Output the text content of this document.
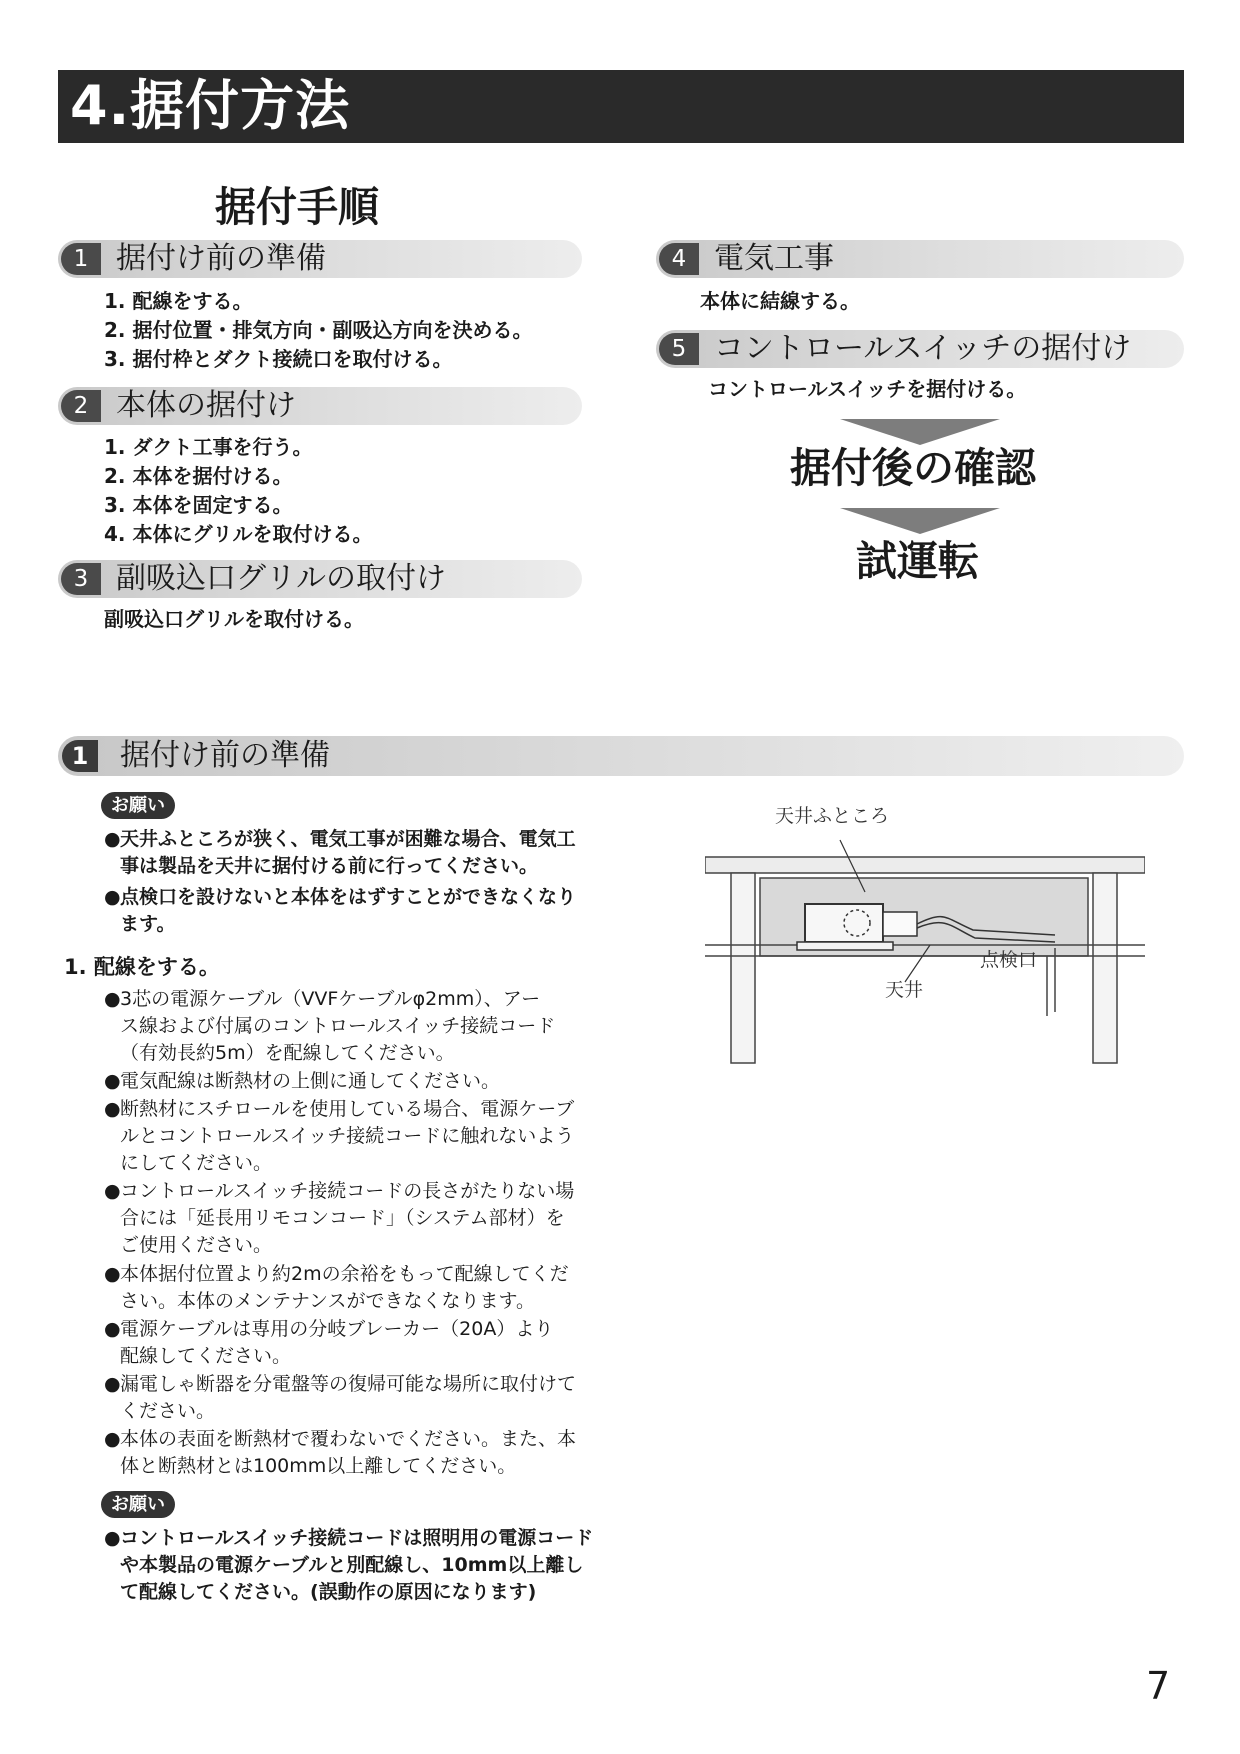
4.据付方法
据付手順
1 据付け前の準備
1. 配線をする。
2. 据付位置・排気方向・副吸込方向を決める。
3. 据付枠とダクト接続口を取付ける。
2 本体の据付け
1. ダクト工事を行う。
2. 本体を据付ける。
3. 本体を固定する。
4. 本体にグリルを取付ける。
3 副吸込口グリルの取付け
副吸込口グリルを取付ける。
4 電気工事
本体に結線する。
5 コントロールスイッチの据付け
コントロールスイッチを据付ける。
据付後の確認
試運転
1	据付け前の準備
お願い
● 天井ふところが狭く、電気工事が困難な場合、電気工
事は製品を天井に据付ける前に行ってください。
● 点検口を設けないと本体をはずすことができなくなり
ます。
1. 配線をする。
● 3芯の電源ケーブル（VVFケーブルφ2mm）、アー
ス線および付属のコントロールスイッチ接続コード
（有効長約5m）を配線してください。
● 電気配線は断熱材の上側に通してください。
● 断熱材にスチロールを使用している場合、電源ケーブ
ルとコントロールスイッチ接続コードに触れないよう
にしてください。
● コントロールスイッチ接続コードの長さがたりない場
合には「延長用リモコンコード」（システム部材）を
ご使用ください。
● 本体据付位置より約2mの余裕をもって配線してくだ
さい。本体のメンテナンスができなくなります。
● 電源ケーブルは専用の分岐ブレーカー（20A）より
配線してください。
● 漏電しゃ断器を分電盤等の復帰可能な場所に取付けて
ください。
● 本体の表面を断熱材で覆わないでください。また、本
体と断熱材とは100mm以上離してください。
お願い
● コントロールスイッチ接続コードは照明用の電源コード
や本製品の電源ケーブルと別配線し、10mm以上離し
て配線してください。(誤動作の原因になります)
天井ふところ
点検口
天井
7
